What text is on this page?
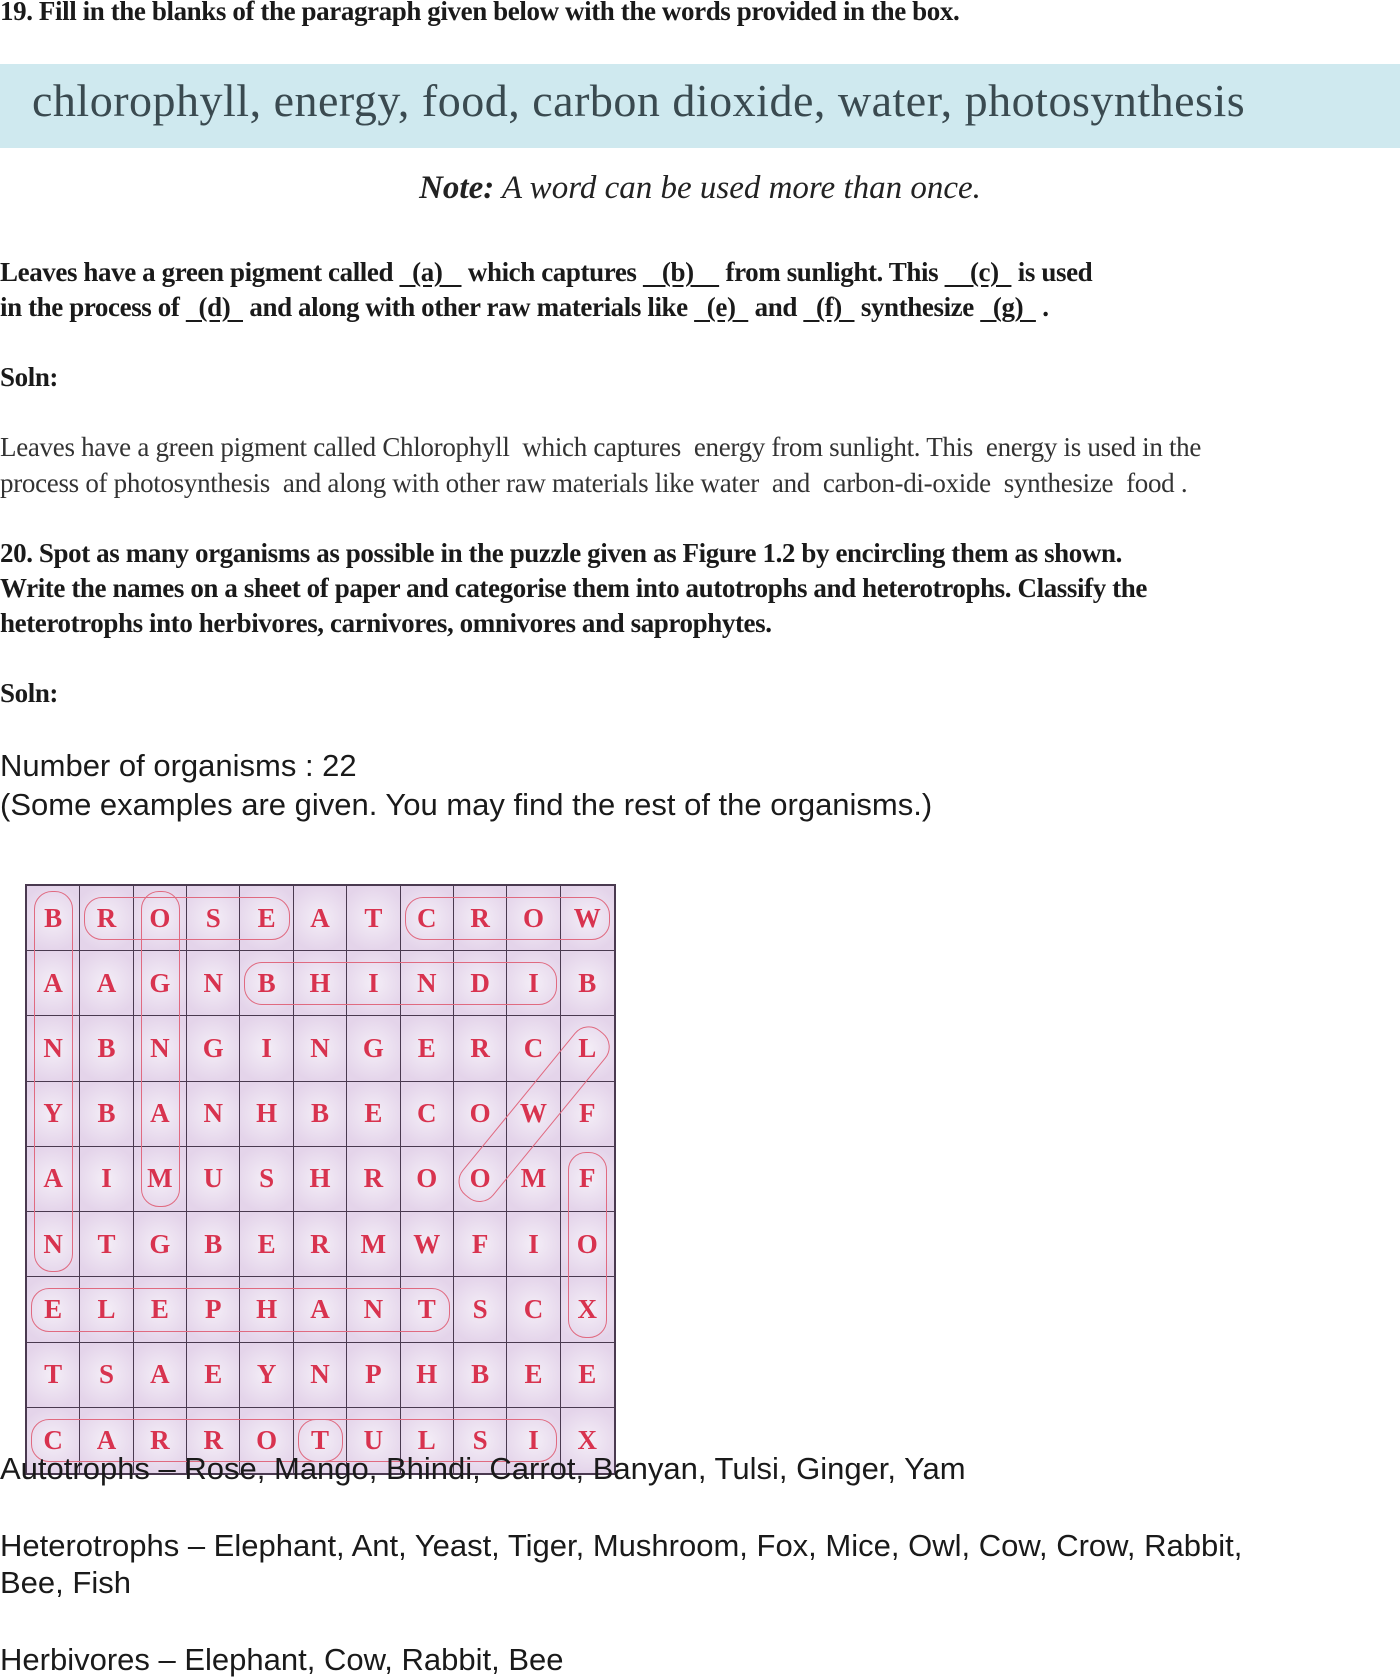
19. Fill in the blanks of the paragraph given below with the words provided in the box.
chlorophyll, energy, food, carbon dioxide, water, photosynthesis
Note: A word can be used more than once.
Leaves have a green pigment called   (a)    which captures    (b)     from sunlight. This     (c)   is used
in the process of   (d)   and along with other raw materials like   (e)   and   (f)   synthesize   (g)   .
Soln:
Leaves have a green pigment called Chlorophyll  which captures  energy from sunlight. This  energy is used in the
process of photosynthesis  and along with other raw materials like water  and  carbon-di-oxide  synthesize  food .
20. Spot as many organisms as possible in the puzzle given as Figure 1.2 by encircling them as shown.
Write the names on a sheet of paper and categorise them into autotrophs and heterotrophs. Classify the
heterotrophs into herbivores, carnivores, omnivores and saprophytes.
Soln:
Number of organisms : 22
(Some examples are given. You may find the rest of the organisms.)
B	R	O	S	E	A	T	C	R	O	W
A	A	G	N	B	H	I	N	D	I	B
N	B	N	G	I	N	G	E	R	C	L
Y	B	A	N	H	B	E	C	O	W	F
A	I	M	U	S	H	R	O	O	M	F
N	T	G	B	E	R	M	W	F	I	O
E	L	E	P	H	A	N	T	S	C	X
T	S	A	E	Y	N	P	H	B	E	E
C	A	R	R	O	T	U	L	S	I	X
Autotrophs – Rose, Mango, Bhindi, Carrot, Banyan, Tulsi, Ginger, Yam
Heterotrophs – Elephant, Ant, Yeast, Tiger, Mushroom, Fox, Mice, Owl, Cow, Crow, Rabbit,
Bee, Fish
Herbivores – Elephant, Cow, Rabbit, Bee
